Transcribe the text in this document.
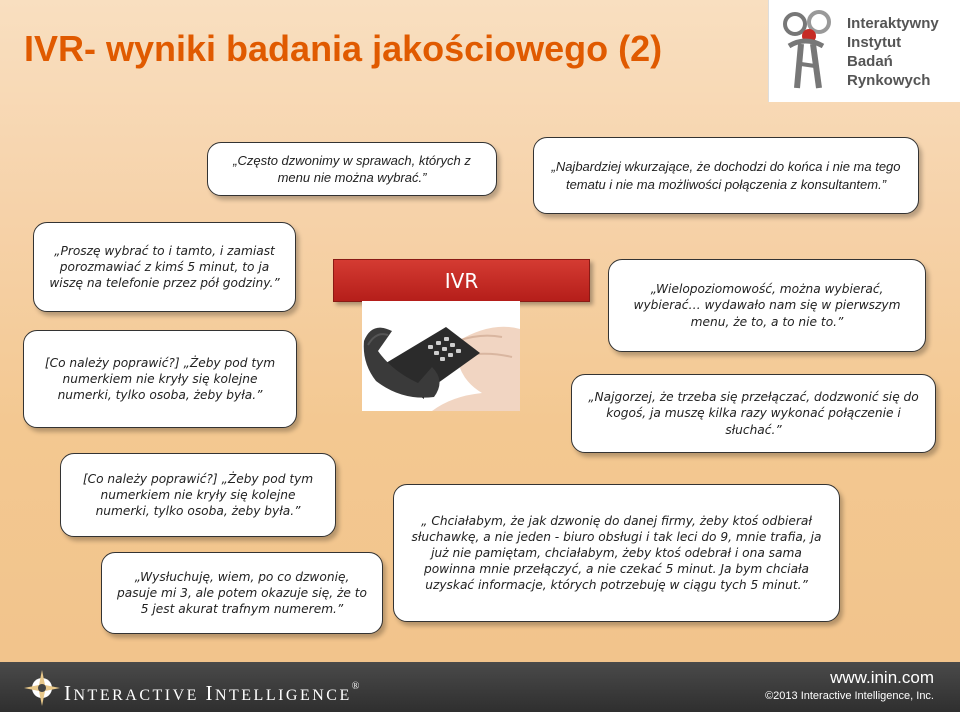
IVR- wyniki badania jakościowego (2)
Interaktywny
Instytut
Badań
Rynkowych
„Często dzwonimy w sprawach, których z menu nie można wybrać.”
„Najbardziej wkurzające, że dochodzi do końca i nie ma tego tematu i nie ma możliwości połączenia z konsultantem.”
„Proszę wybrać to i tamto, i zamiast porozmawiać z kimś 5 minut, to ja wiszę na telefonie przez pół godziny.”	IVR	„Wielopoziomowość, można wybierać, wybierać… wydawało nam się w pierwszym menu, że to, a to nie to.”
[Co należy poprawić?] „Żeby pod tym numerkiem nie kryły się kolejne numerki, tylko osoba, żeby była.”	„Najgorzej, że trzeba się przełączać, dodzwonić się do kogoś, ja muszę kilka razy wykonać połączenie i słuchać.”
[Co należy poprawić?] „Żeby pod tym numerkiem nie kryły się kolejne numerki, tylko osoba, żeby była.”
„ Chciałabym, że jak dzwonię do danej firmy, żeby ktoś odbierał słuchawkę, a nie jeden - biuro obsługi i tak leci do 9, mnie trafia, ja już nie pamiętam, chciałabym, żeby ktoś odebrał i ona sama powinna mnie przełączyć, a nie czekać 5 minut. Ja bym chciała uzyskać informacje, których potrzebuję w ciągu tych 5 minut.”
„Wysłuchuję, wiem, po co dzwonię, pasuje mi 3, ale potem okazuje się, że to 5 jest akurat trafnym numerem.”
INTERACTIVE INTELLIGENCE®	www.inin.com
©2013 Interactive Intelligence, Inc.
